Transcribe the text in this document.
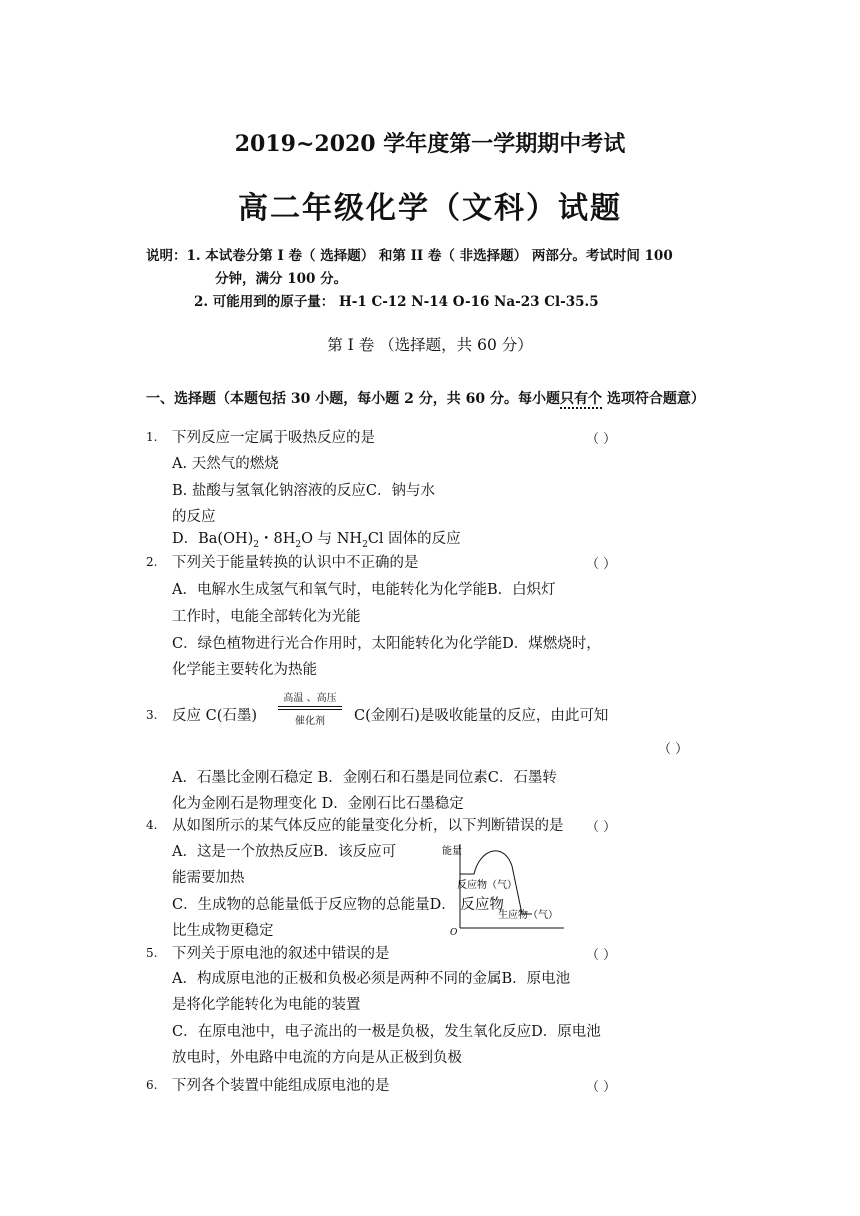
2019~2020 学年度第一学期期中考试
高二年级化学（文科）试题
说明：1. 本试卷分第 I 卷（ 选择题） 和第 II 卷（ 非选择题） 两部分。考试时间 100
分钟，满分 100 分。
2. 可能用到的原子量： H-1 C-12 N-14 O-16 Na-23 Cl-35.5
第 I 卷 （选择题，共 60 分）
一、选择题（本题包括 30 小题，每小题 2 分，共 60 分。每小题只有个 选项符合题意）
1. 下列反应一定属于吸热反应的是	（ ）
A. 天然气的燃烧
B. 盐酸与氢氧化钠溶液的反应C．钠与水
的反应
D．$Ba(OH)_2$・$8H_2O$ 与 $NH_2Cl$ 固体的反应
2. 下列关于能量转换的认识中不正确的是	（ ）
A．电解水生成氢气和氧气时，电能转化为化学能B．白炽灯
工作时，电能全部转化为光能
C．绿色植物进行光合作用时，太阳能转化为化学能D．煤燃烧时，
化学能主要转化为热能
3. 反应 C(石墨)
高温 、高压
催化剂	C(金刚石)是吸收能量的反应，由此可知
（ ）
A．石墨比金刚石稳定 B．金刚石和石墨是同位素C．石墨转
化为金刚石是物理变化 D．金刚石比石墨稳定
4. 从如图所示的某气体反应的能量变化分析，以下判断错误的是 （ ）
A．这是一个放热反应B．该反应可
能需要加热
C．生成物的总能量低于反应物的总能量D． 反应物
比生成物更稳定
能量
O
反应物（气）
生应物（气）
5. 下列关于原电池的叙述中错误的是	（ ）
A．构成原电池的正极和负极必须是两种不同的金属B．原电池
是将化学能转化为电能的装置
C．在原电池中，电子流出的一极是负极，发生氧化反应D．原电池
放电时，外电路中电流的方向是从正极到负极
6. 下列各个装置中能组成原电池的是	（ ）
